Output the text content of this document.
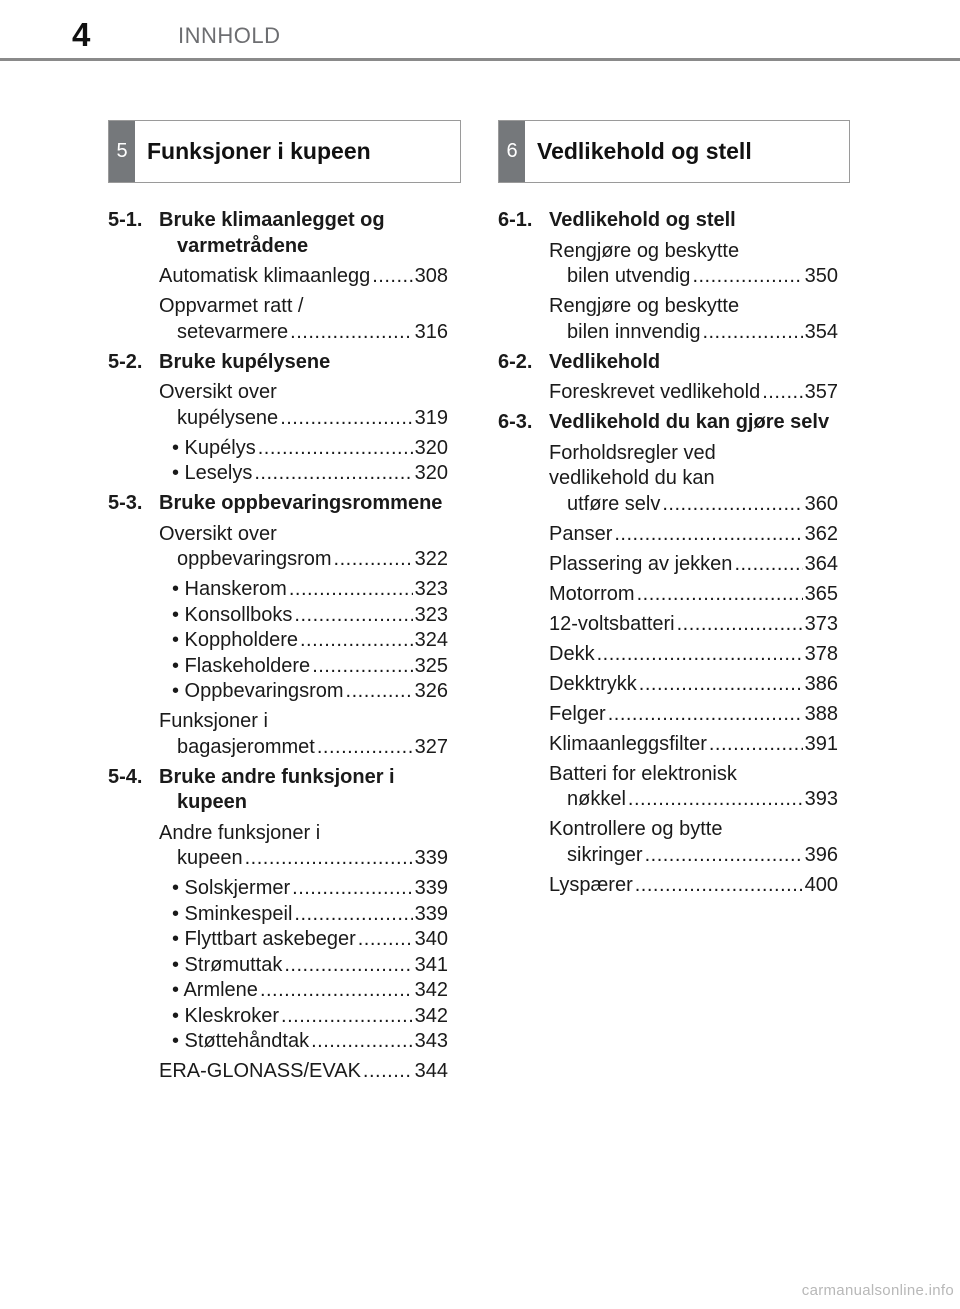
4	INNHOLD
5 Funksjoner i kupeen	6 Vedlikehold og stell
5-1. Bruke klimaanlegget og varmetrådene
Automatisk klimaanlegg ..... 308
Oppvarmet ratt /
setevarmere .....	316
5-2. Bruke kupélysene
Oversikt over
kupélysene .....	319
• Kupélys .....	320
• Leselys .....	320
5-3. Bruke oppbevaringsrommene
Oversikt over
oppbevaringsrom .....	322
• Hanskerom .....	323
• Konsollboks .....	323
• Koppholdere .....	324
• Flaskeholdere .....	325
• Oppbevaringsrom .....	326
Funksjoner i
bagasjerommet .....	327
5-4. Bruke andre funksjoner i kupeen
Andre funksjoner i
kupeen .....	339
• Solskjermer .....	339
• Sminkespeil .....	339
• Flyttbart askebeger .....	340
• Strømuttak .....	341
• Armlene .....	342
• Kleskroker .....	342
• Støttehåndtak .....	343
ERA-GLONASS/EVAK .....	344
6-1. Vedlikehold og stell
Rengjøre og beskytte
bilen utvendig .....	350
Rengjøre og beskytte
bilen innvendig .....	354
6-2. Vedlikehold
Foreskrevet vedlikehold ..... 357
6-3. Vedlikehold du kan gjøre selv
Forholdsregler ved
vedlikehold du kan
utføre selv .....	360
Panser .....	362
Plassering av jekken .....	364
Motorrom .....	365
12-voltsbatteri .....	373
Dekk .....	378
Dekktrykk .....	386
Felger .....	388
Klimaanleggsfilter .....	391
Batteri for elektronisk
nøkkel .....	393
Kontrollere og bytte
sikringer .....	396
Lyspærer .....	400
carmanualsonline.info
